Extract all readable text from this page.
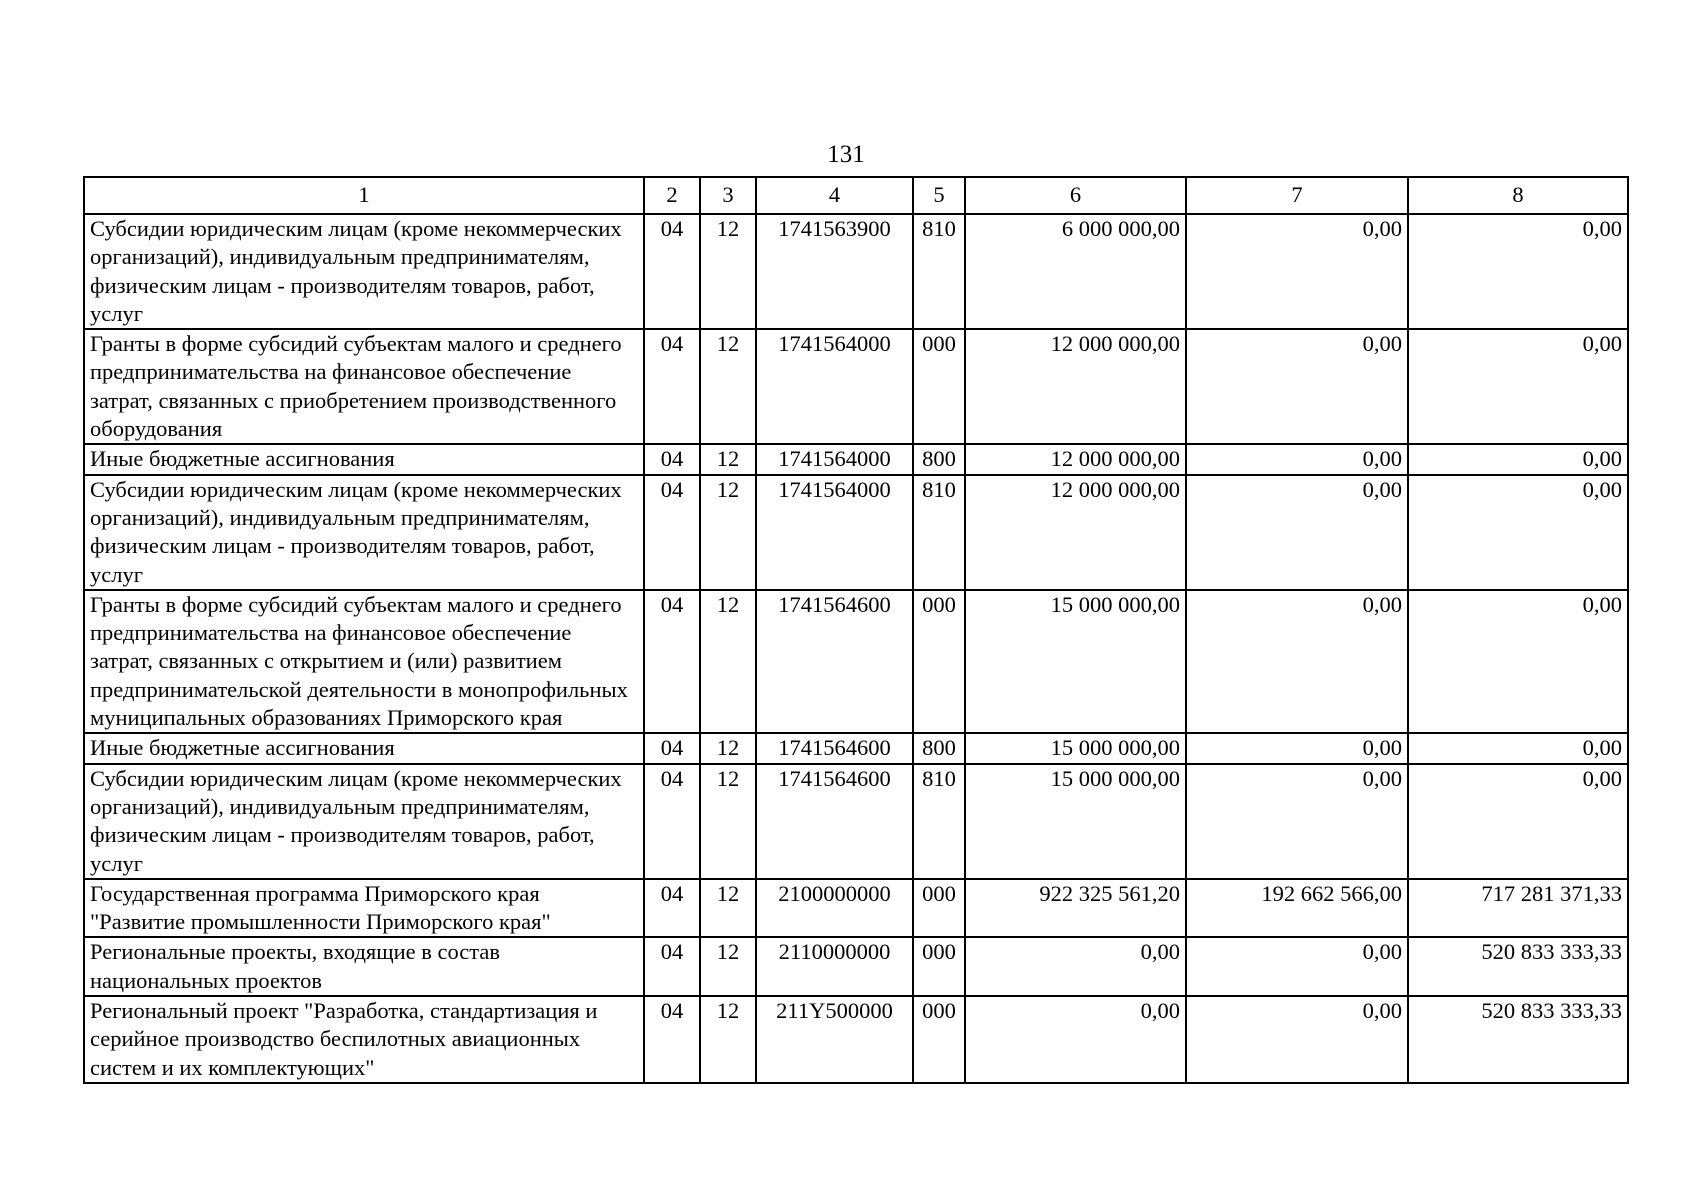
131
1	2	3	4	5	6	7	8
Субсидии юридическим лицам (кроме некоммерческих организаций), индивидуальным предпринимателям, физическим лицам - производителям товаров, работ, услуг	04	12	1741563900	810	6 000 000,00	0,00	0,00
Гранты в форме субсидий субъектам малого и среднего предпринимательства на финансовое обеспечение затрат, связанных с приобретением производственного оборудования	04	12	1741564000	000	12 000 000,00	0,00	0,00
Иные бюджетные ассигнования	04	12	1741564000	800	12 000 000,00	0,00	0,00
Субсидии юридическим лицам (кроме некоммерческих организаций), индивидуальным предпринимателям, физическим лицам - производителям товаров, работ, услуг	04	12	1741564000	810	12 000 000,00	0,00	0,00
Гранты в форме субсидий субъектам малого и среднего предпринимательства на финансовое обеспечение затрат, связанных с открытием и (или) развитием предпринимательской деятельности в монопрофильных муниципальных образованиях Приморского края	04	12	1741564600	000	15 000 000,00	0,00	0,00
Иные бюджетные ассигнования	04	12	1741564600	800	15 000 000,00	0,00	0,00
Субсидии юридическим лицам (кроме некоммерческих организаций), индивидуальным предпринимателям, физическим лицам - производителям товаров, работ, услуг	04	12	1741564600	810	15 000 000,00	0,00	0,00
Государственная программа Приморского края "Развитие промышленности Приморского края"	04	12	2100000000	000	922 325 561,20	192 662 566,00	717 281 371,33
Региональные проекты, входящие в состав национальных проектов	04	12	2110000000	000	0,00	0,00	520 833 333,33
Региональный проект "Разработка, стандартизация и серийное производство беспилотных авиационных систем и их комплектующих"	04	12	211Y500000	000	0,00	0,00	520 833 333,33
